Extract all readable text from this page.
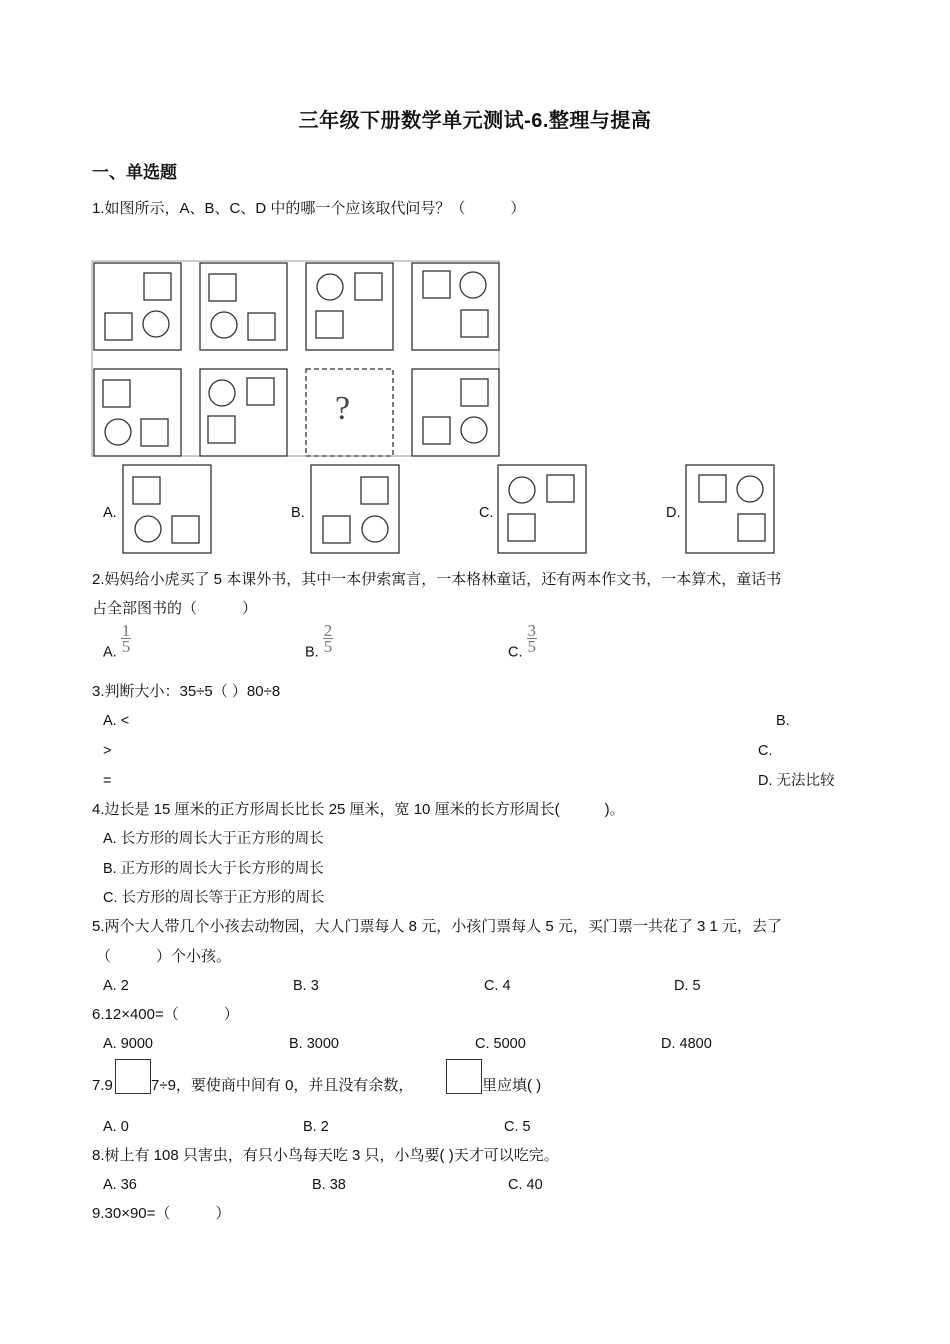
三年级下册数学单元测试-6.整理与提高
一、单选题
1.如图所示，A、B、C、D 中的哪一个应该取代问号？（　　　）
?
A.	B.	C.	D.
2.妈妈给小虎买了 5 本课外书，其中一本伊索寓言，一本格林童话，还有两本作文书，一本算术，童话书
占全部图书的（　　　）
A. $\frac{1}{5}$	B. $\frac{2}{5}$	C. $\frac{3}{5}$
3.判断大小：35÷5（ ）80÷8
A. <	B.
>	C.
=	D. 无法比较
4.边长是 15 厘米的正方形周长比长 25 厘米，宽 10 厘米的长方形周长(　　　)。
A. 长方形的周长大于正方形的周长
B. 正方形的周长大于长方形的周长
C. 长方形的周长等于正方形的周长
5.两个大人带几个小孩去动物园，大人门票每人 8 元，小孩门票每人 5 元，买门票一共花了 3 1 元，去了
（　　　）个小孩。
A. 2	B. 3	C. 4	D. 5
6.12×400=（　　　）
A. 9000	B. 3000	C. 5000	D. 4800
7.9	7÷9，要使商中间有 0，并且没有余数，	里应填( )
A. 0	B. 2	C. 5
8.树上有 108 只害虫，有只小鸟每天吃 3 只，小鸟要( )天才可以吃完。
A. 36	B. 38	C. 40
9.30×90=（　　　）
